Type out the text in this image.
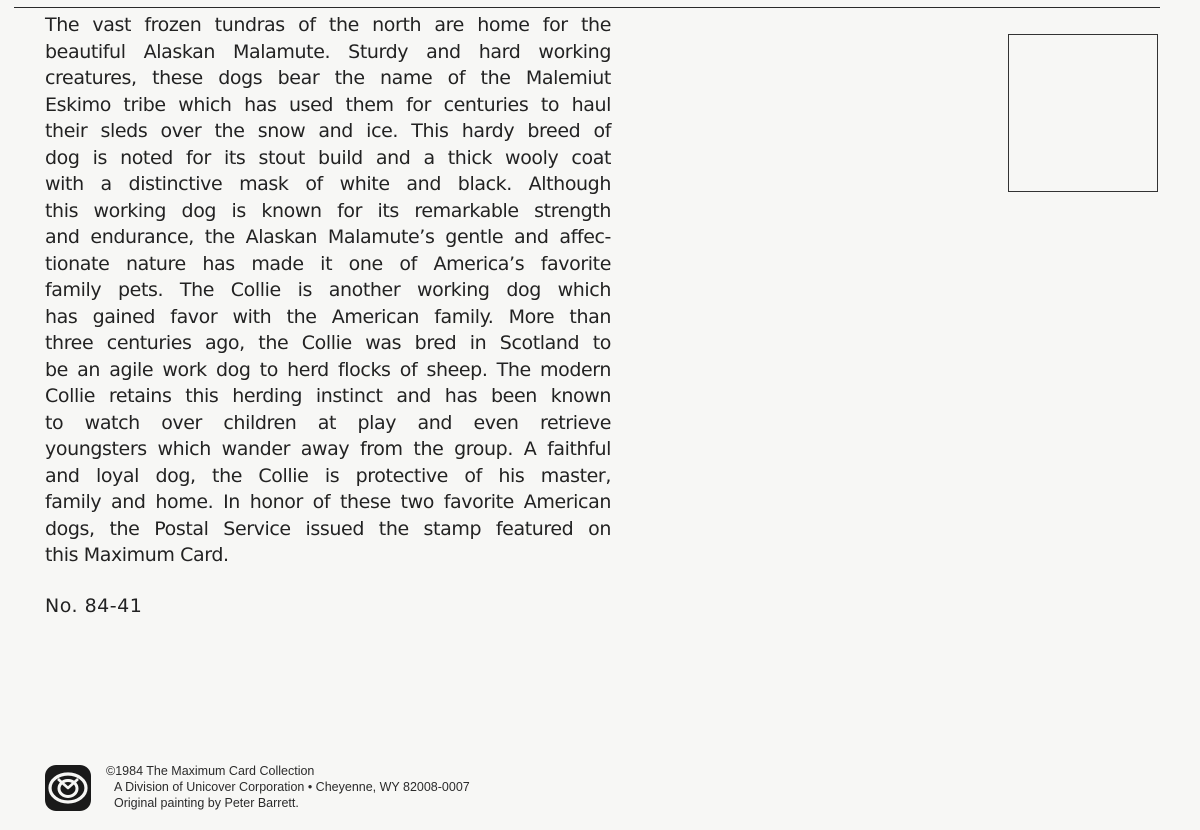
The vast frozen tundras of the north are home for the
beautiful Alaskan Malamute. Sturdy and hard working
creatures, these dogs bear the name of the Malemiut
Eskimo tribe which has used them for centuries to haul
their sleds over the snow and ice. This hardy breed of
dog is noted for its stout build and a thick wooly coat
with a distinctive mask of white and black. Although
this working dog is known for its remarkable strength
and endurance, the Alaskan Malamute’s gentle and affec-
tionate nature has made it one of America’s favorite
family pets. The Collie is another working dog which
has gained favor with the American family. More than
three centuries ago, the Collie was bred in Scotland to
be an agile work dog to herd flocks of sheep. The modern
Collie retains this herding instinct and has been known
to watch over children at play and even retrieve
youngsters which wander away from the group. A faithful
and loyal dog, the Collie is protective of his master,
family and home. In honor of these two favorite American
dogs, the Postal Service issued the stamp featured on
this Maximum Card.
No. 84-41
©1984 The Maximum Card Collection
A Division of Unicover Corporation • Cheyenne, WY 82008-0007
Original painting by Peter Barrett.
